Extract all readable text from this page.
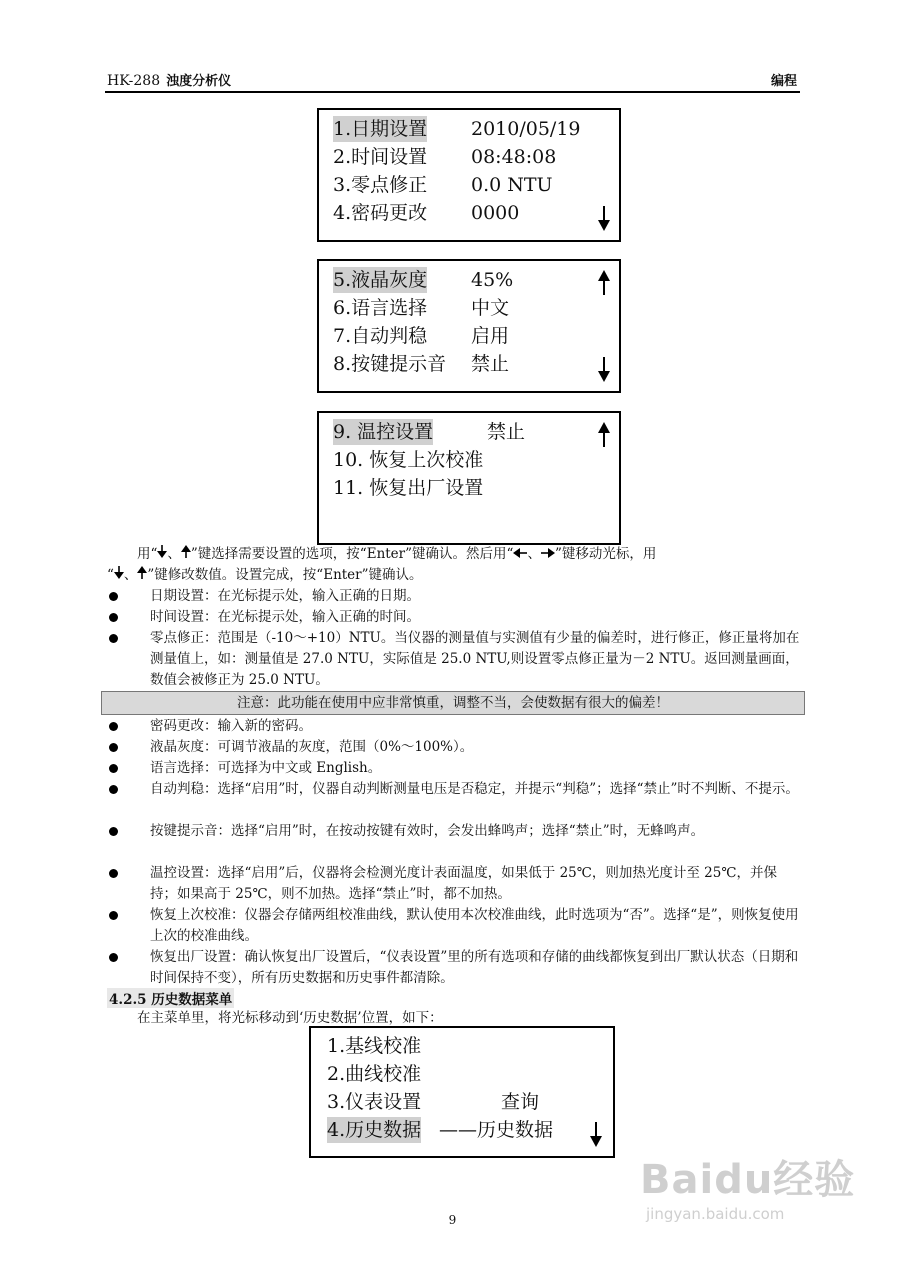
HK-288 浊度分析仪	编程
1.日期设置 2010/05/19
2.时间设置 08:48:08
3.零点修正 0.0 NTU
4.密码更改 0000
5.液晶灰度 45%
6.语言选择 中文
7.自动判稳 启用
8.按键提示音 禁止
9. 温控设置	禁止
10. 恢复上次校准
11. 恢复出厂设置
用“ 、 ”键选择需要设置的选项，按“Enter”键确认。然后用“ 、 ”键移动光标，用
“ 、 ”键修改数值。设置完成，按“Enter”键确认。
日期设置：在光标提示处，输入正确的日期。
时间设置：在光标提示处，输入正确的时间。
零点修正：范围是（-10～+10）NTU。当仪器的测量值与实测值有少量的偏差时，进行修正，修正量将加在测量值上，如：测量值是 27.0 NTU，实际值是 25.0 NTU,则设置零点修正量为－2 NTU。返回测量画面，数值会被修正为 25.0 NTU。
注意：此功能在使用中应非常慎重，调整不当，会使数据有很大的偏差！
密码更改：输入新的密码。
液晶灰度：可调节液晶的灰度，范围（0%～100%）。
语言选择：可选择为中文或 English。
自动判稳：选择“启用”时，仪器自动判断测量电压是否稳定，并提示“判稳”；选择“禁止”时不判断、不提示。
按键提示音：选择“启用”时，在按动按键有效时，会发出蜂鸣声；选择“禁止”时，无蜂鸣声。
温控设置：选择“启用”后，仪器将会检测光度计表面温度，如果低于 25℃，则加热光度计至 25℃，并保持；如果高于 25℃，则不加热。选择“禁止”时，都不加热。
恢复上次校准：仪器会存储两组校准曲线，默认使用本次校准曲线，此时选项为“否”。选择“是”，则恢复使用上次的校准曲线。
恢复出厂设置：确认恢复出厂设置后，“仪表设置”里的所有选项和存储的曲线都恢复到出厂默认状态（日期和时间保持不变），所有历史数据和历史事件都清除。
4.2.5 历史数据菜单
在主菜单里，将光标移动到‘历史数据’位置，如下：
1.基线校准
2.曲线校准
3.仪表设置	查询
4.历史数据 ——历史数据
Baidu经验
jingyan.baidu.com
9
